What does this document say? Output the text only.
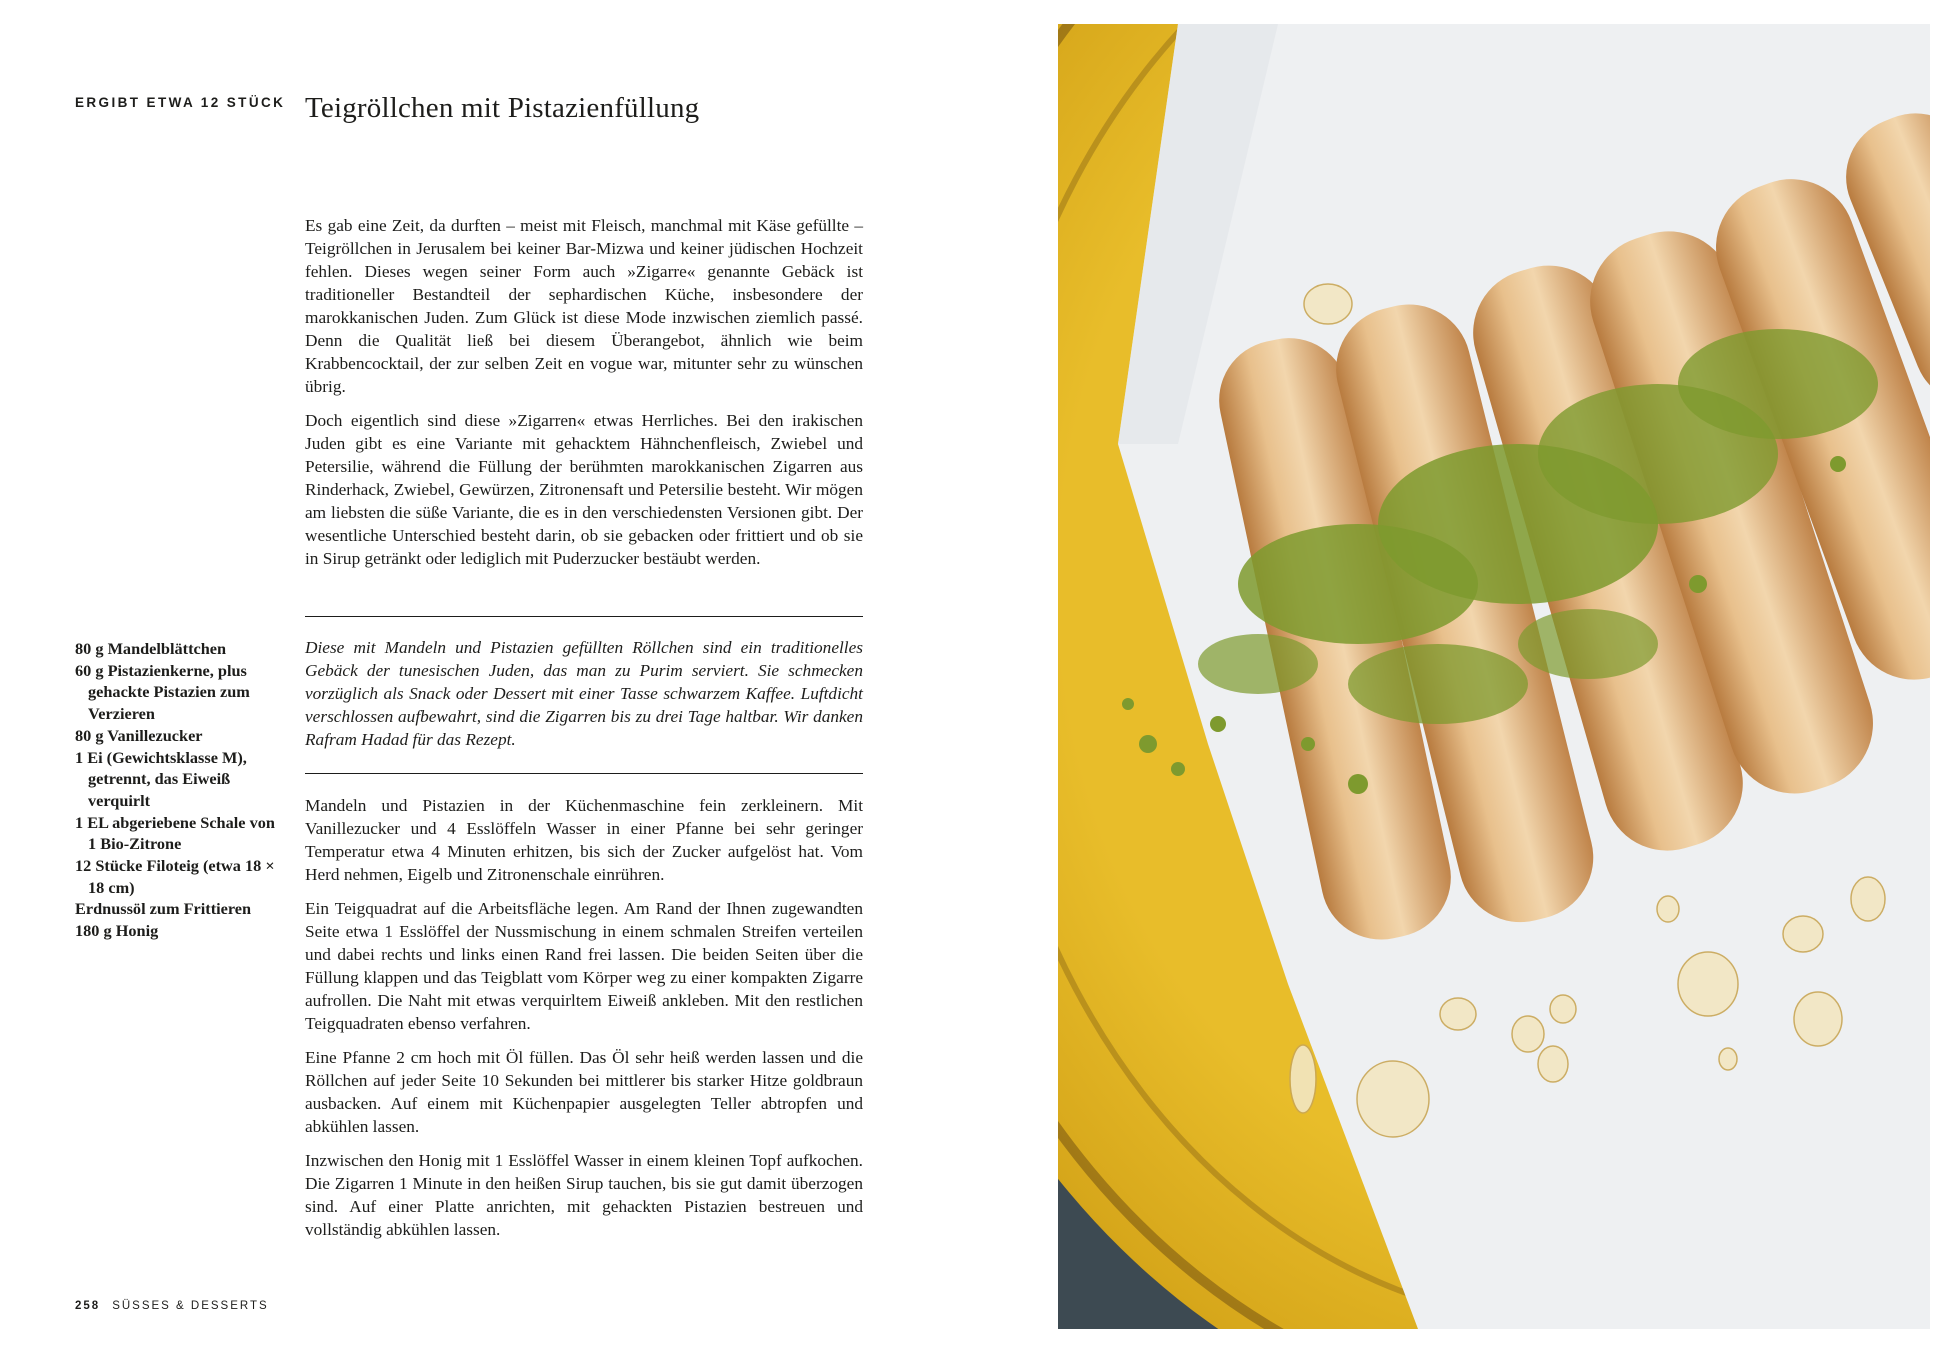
ERGIBT ETWA 12 STÜCK Teigröllchen mit Pistazienfüllung

Es gab eine Zeit, da durften – meist mit Fleisch, manchmal mit Käse gefüllte – Teigröllchen in Jerusalem bei keiner Bar-Mizwa und keiner jüdischen Hochzeit fehlen. Dieses wegen seiner Form auch »Zigarre« genannte Gebäck ist traditioneller Bestandteil der sephardischen Küche, insbesondere der marokkanischen Juden. Zum Glück ist diese Mode inzwischen ziemlich passé. Denn die Qualität ließ bei diesem Überangebot, ähnlich wie beim Krabbencocktail, der zur selben Zeit en vogue war, mitunter sehr zu wünschen übrig.

Doch eigentlich sind diese »Zigarren« etwas Herrliches. Bei den irakischen Juden gibt es eine Variante mit gehacktem Hähnchenfleisch, Zwiebel und Petersilie, während die Füllung der berühmten marokkanischen Zigarren aus Rinderhack, Zwiebel, Gewürzen, Zitronensaft und Petersilie besteht. Wir mögen am liebsten die süße Variante, die es in den verschiedensten Versionen gibt. Der wesentliche Unterschied besteht darin, ob sie gebacken oder frittiert und ob sie in Sirup getränkt oder lediglich mit Puderzucker bestäubt werden.

Diese mit Mandeln und Pistazien gefüllten Röllchen sind ein traditionelles Gebäck der tunesischen Juden, das man zu Purim serviert. Sie schmecken vorzüglich als Snack oder Dessert mit einer Tasse schwarzem Kaffee. Luftdicht verschlossen aufbewahrt, sind die Zigarren bis zu drei Tage haltbar. Wir danken Rafram Hadad für das Rezept.

80 g Mandelblättchen
60 g Pistazienkerne, plus gehackte Pistazien zum Verzieren
80 g Vanillezucker
1 Ei (Gewichtsklasse M), getrennt, das Eiweiß verquirlt
1 EL abgeriebene Schale von 1 Bio-Zitrone
12 Stücke Filoteig (etwa 18 × 18 cm)
Erdnussöl zum Frittieren
180 g Honig

Mandeln und Pistazien in der Küchenmaschine fein zerkleinern. Mit Vanillezucker und 4 Esslöffeln Wasser in einer Pfanne bei sehr geringer Temperatur etwa 4 Minuten erhitzen, bis sich der Zucker aufgelöst hat. Vom Herd nehmen, Eigelb und Zitronenschale einrühren.

Ein Teigquadrat auf die Arbeitsfläche legen. Am Rand der Ihnen zugewandten Seite etwa 1 Esslöffel der Nussmischung in einem schmalen Streifen verteilen und dabei rechts und links einen Rand frei lassen. Die beiden Seiten über die Füllung klappen und das Teigblatt vom Körper weg zu einer kompakten Zigarre aufrollen. Die Naht mit etwas verquirltem Eiweiß ankleben. Mit den restlichen Teigquadraten ebenso verfahren.

Eine Pfanne 2 cm hoch mit Öl füllen. Das Öl sehr heiß werden lassen und die Röllchen auf jeder Seite 10 Sekunden bei mittlerer bis starker Hitze goldbraun ausbacken. Auf einem mit Küchenpapier ausgelegten Teller abtropfen und abkühlen lassen.

Inzwischen den Honig mit 1 Esslöffel Wasser in einem kleinen Topf aufkochen. Die Zigarren 1 Minute in den heißen Sirup tauchen, bis sie gut damit überzogen sind. Auf einer Platte anrichten, mit gehackten Pistazien bestreuen und vollständig abkühlen lassen.

258 SÜSSES & DESSERTS
